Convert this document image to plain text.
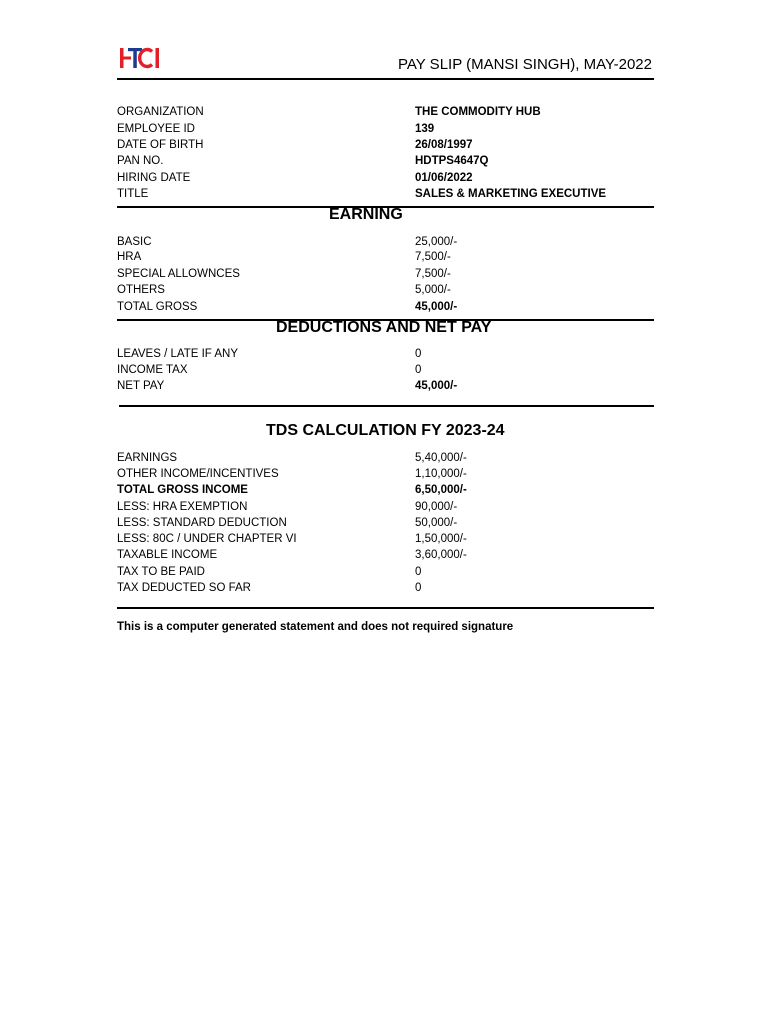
PAY SLIP (MANSI SINGH), MAY-2022
ORGANIZATION	THE COMMODITY HUB
EMPLOYEE ID	139
DATE OF BIRTH	26/08/1997
PAN NO.	HDTPS4647Q
HIRING DATE	01/06/2022
TITLE	SALES & MARKETING EXECUTIVE
EARNING
BASIC	25,000/-
HRA	7,500/-
SPECIAL ALLOWNCES	7,500/-
OTHERS	5,000/-
TOTAL GROSS	45,000/-
DEDUCTIONS AND NET PAY
LEAVES / LATE IF ANY	0
INCOME TAX	0
NET PAY	45,000/-
TDS CALCULATION FY 2023-24
EARNINGS	5,40,000/-
OTHER INCOME/INCENTIVES	1,10,000/-
TOTAL GROSS INCOME	6,50,000/-
LESS: HRA EXEMPTION	90,000/-
LESS: STANDARD DEDUCTION	50,000/-
LESS: 80C / UNDER CHAPTER VI	1,50,000/-
TAXABLE INCOME	3,60,000/-
TAX TO BE PAID	0
TAX DEDUCTED SO FAR	0
This is a computer generated statement and does not required signature
